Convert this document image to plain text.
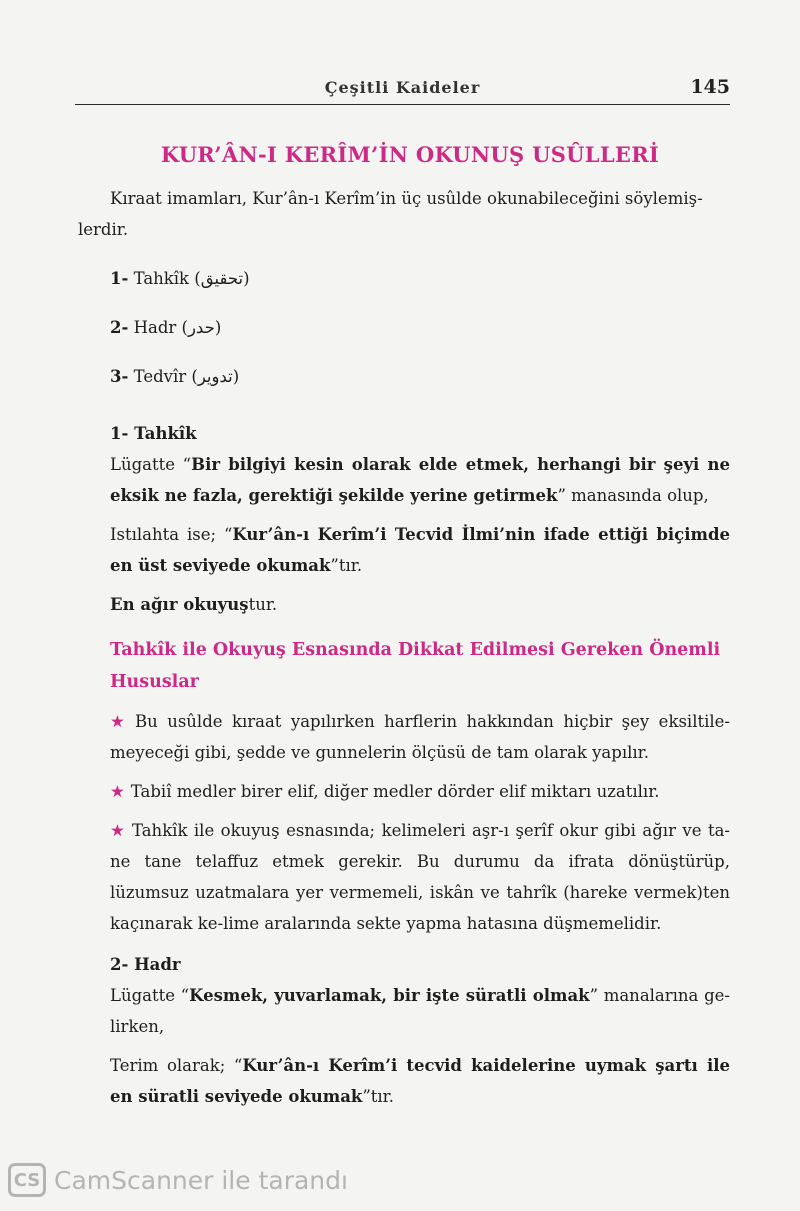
Çeşitli Kaideler	145
KUR’ÂN-I KERÎM’İN OKUNUŞ USÛLLERİ

Kıraat imamları, Kur’ân-ı Kerîm’in üç usûlde okunabileceğini söylemiş-

lerdir.

1- Tahkîk (تحقيق)
2- Hadr (حدر)
3- Tedvîr (تدوير)
1- Tahkîk

Lügatte “Bir bilgiyi kesin olarak elde etmek, herhangi bir şeyi ne eksik ne fazla, gerektiği şekilde yerine getirmek” manasında olup,

Istılahta ise; “Kur’ân-ı Kerîm’i Tecvid İlmi’nin ifade ettiği biçimde en üst seviyede okumak”tır.

En ağır okuyuştur.

Tahkîk ile Okuyuş Esnasında Dikkat Edilmesi Gereken Önemli Hususlar

★ Bu usûlde kıraat yapılırken harflerin hakkından hiçbir şey eksiltile-meyeceği gibi, şedde ve gunnelerin ölçüsü de tam olarak yapılır.

★ Tabiî medler birer elif, diğer medler dörder elif miktarı uzatılır.

★ Tahkîk ile okuyuş esnasında; kelimeleri aşr-ı şerîf okur gibi ağır ve ta-ne tane telaffuz etmek gerekir. Bu durumu da ifrata dönüştürüp, lüzumsuz uzatmalara yer vermemeli, iskân ve tahrîk (hareke vermek)ten kaçınarak ke-lime aralarında sekte yapma hatasına düşmemelidir.

2- Hadr

Lügatte “Kesmek, yuvarlamak, bir işte süratli olmak” manalarına ge-lirken,

Terim olarak; “Kur’ân-ı Kerîm’i tecvid kaidelerine uymak şartı ile en süratli seviyede okumak”tır.

CS CamScanner ile tarandı
